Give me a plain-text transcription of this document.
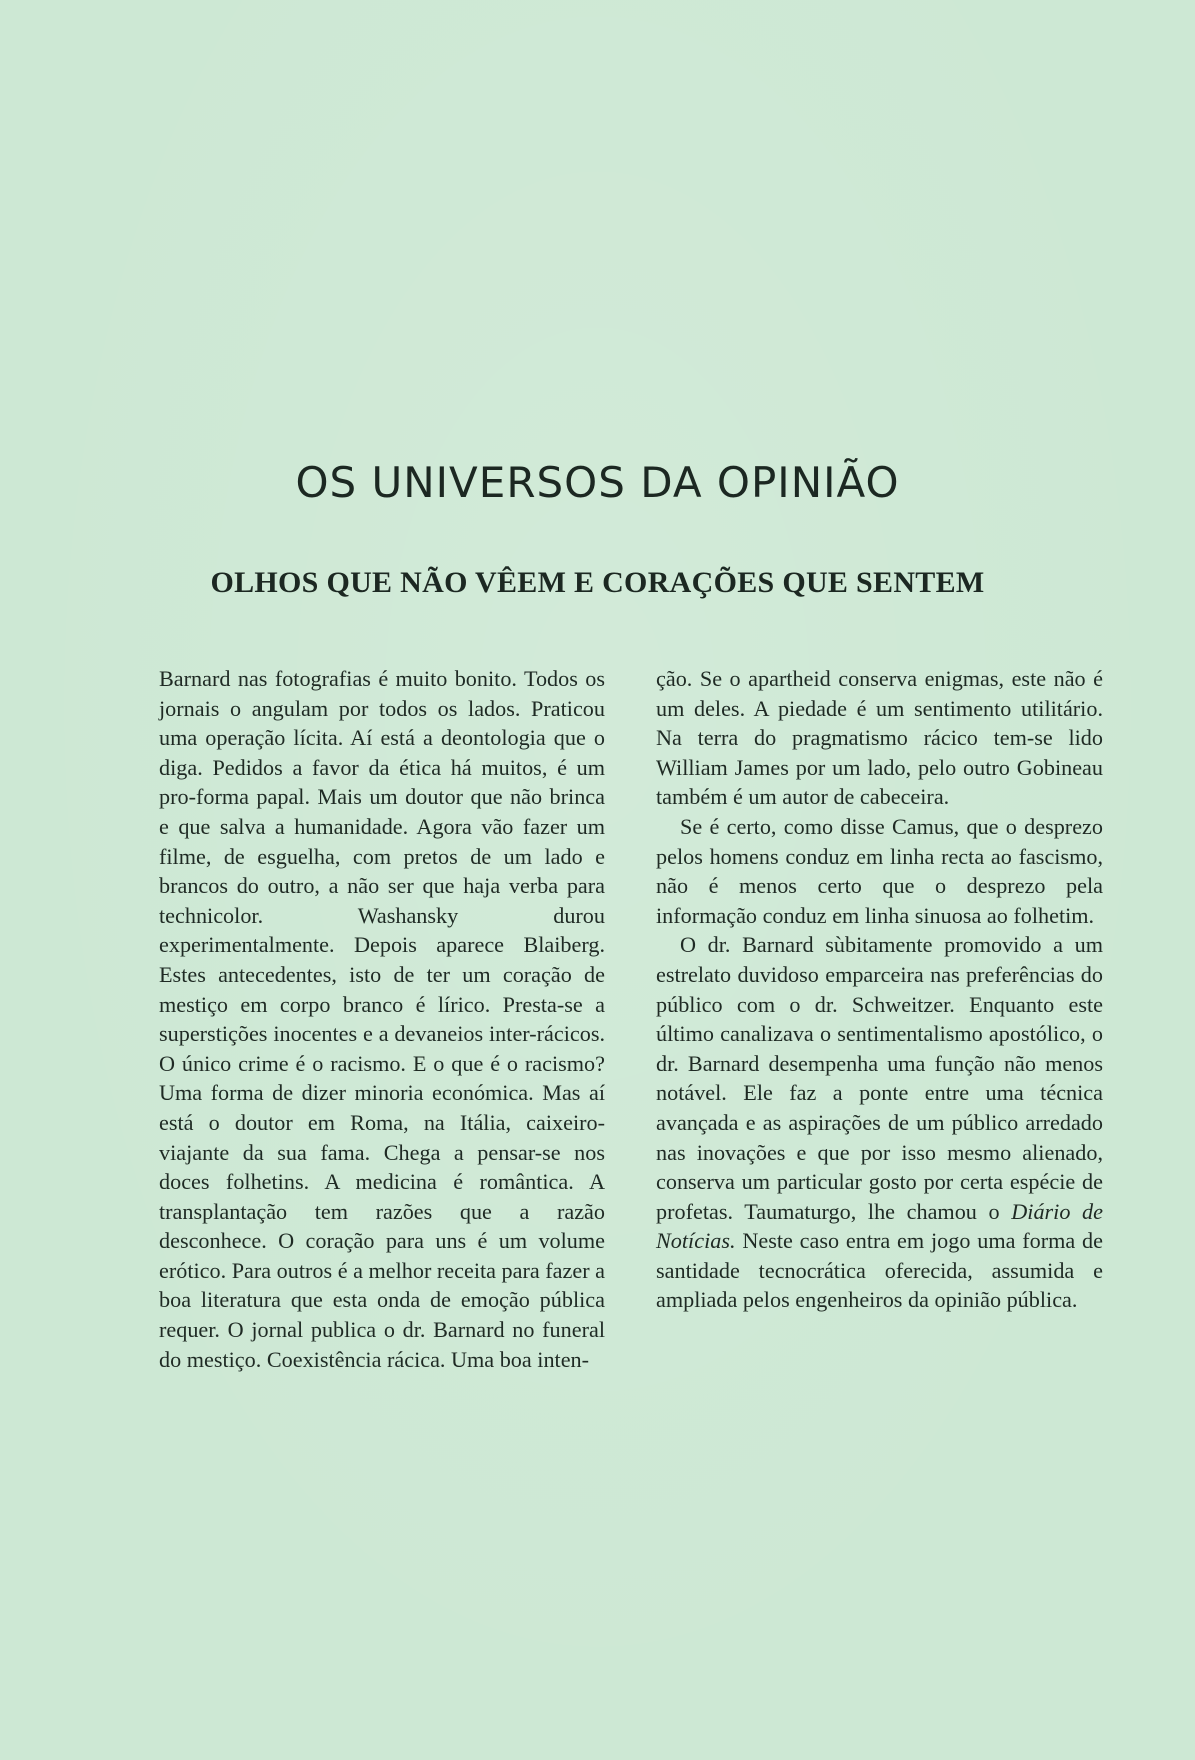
OS UNIVERSOS DA OPINIÃO
OLHOS QUE NÃO VÊEM E CORAÇÕES QUE SENTEM

Barnard nas fotografias é muito bonito. Todos os jornais o angulam por todos os lados. Praticou uma operação lícita. Aí está a deontologia que o diga. Pedidos a favor da ética há muitos, é um pro-forma papal. Mais um doutor que não brinca e que salva a humanidade. Agora vão fazer um filme, de esguelha, com pretos de um lado e brancos do outro, a não ser que haja verba para technicolor. Washansky durou experimentalmente. Depois aparece Blaiberg. Estes antecedentes, isto de ter um coração de mestiço em corpo branco é lírico. Presta-se a superstições inocentes e a devaneios inter-rácicos. O único crime é o racismo. E o que é o racismo? Uma forma de dizer minoria económica. Mas aí está o doutor em Roma, na Itália, caixeiro-viajante da sua fama. Chega a pensar-se nos doces folhetins. A medicina é romântica. A transplantação tem razões que a razão desconhece. O coração para uns é um volume erótico. Para outros é a melhor receita para fazer a boa literatura que esta onda de emoção pública requer. O jornal publica o dr. Barnard no funeral do mestiço. Coexistência rácica. Uma boa inten-

ção. Se o apartheid conserva enigmas, este não é um deles. A piedade é um sentimento utilitário. Na terra do pragmatismo rácico tem-se lido William James por um lado, pelo outro Gobineau também é um autor de cabeceira.

Se é certo, como disse Camus, que o desprezo pelos homens conduz em linha recta ao fascismo, não é menos certo que o desprezo pela informação conduz em linha sinuosa ao folhetim.

O dr. Barnard sùbitamente promovido a um estrelato duvidoso emparceira nas preferências do público com o dr. Schweitzer. Enquanto este último canalizava o sentimentalismo apostólico, o dr. Barnard desempenha uma função não menos notável. Ele faz a ponte entre uma técnica avançada e as aspirações de um público arredado nas inovações e que por isso mesmo alienado, conserva um particular gosto por certa espécie de profetas. Taumaturgo, lhe chamou o Diário de Notícias. Neste caso entra em jogo uma forma de santidade tecnocrática oferecida, assumida e ampliada pelos engenheiros da opinião pública.
